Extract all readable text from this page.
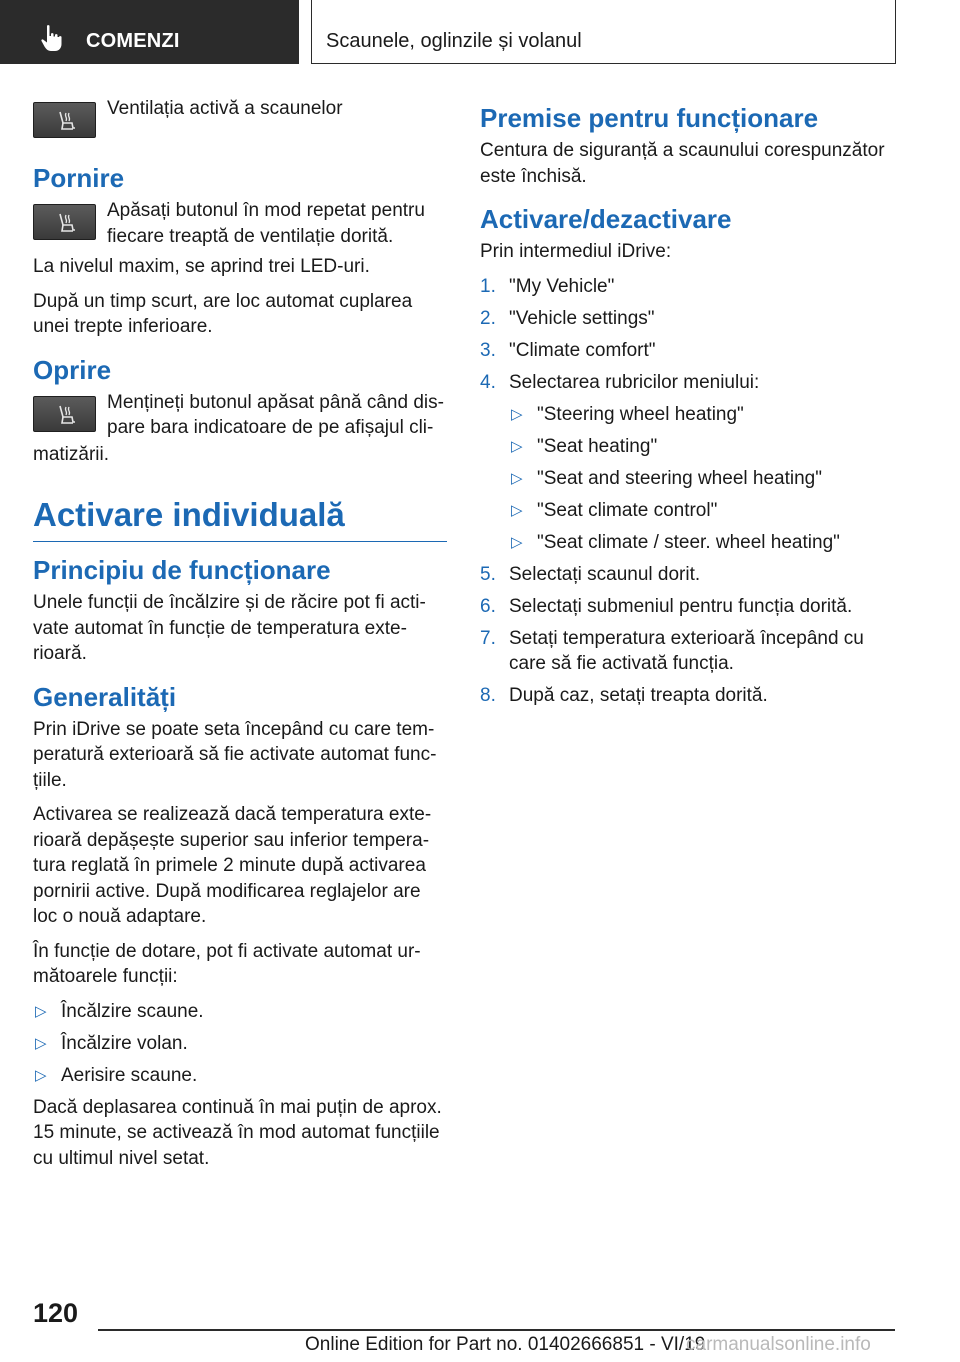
COMENZI	Scaunele, oglinzile și volanul

Ventilația activă a scaunelor

Pornire

Apăsați butonul în mod repetat pentru fiecare treaptă de ventilație dorită.

La nivelul maxim, se aprind trei LED-uri.

După un timp scurt, are loc automat cuplarea unei trepte inferioare.

Oprire

Mențineți butonul apăsat până când dis-

pare bara indicatoare de pe afișajul cli-

matizării.

Activare individuală
Principiu de funcționare

Unele funcții de încălzire și de răcire pot fi activate automat în funcție de temperatura exterioară.

Generalități

Prin iDrive se poate seta începând cu care temperatură exterioară să fie activate automat funcțiile.

Activarea se realizează dacă temperatura exterioară depășește superior sau inferior temperatura reglată în primele 2 minute după activarea pornirii active. După modificarea reglajelor are loc o nouă adaptare.

În funcție de dotare, pot fi activate automat următoarele funcții:

▷ Încălzire scaune.
▷ Încălzire volan.
▷ Aerisire scaune.

Dacă deplasarea continuă în mai puțin de aprox. 15 minute, se activează în mod automat funcțiile cu ultimul nivel setat.

Premise pentru funcționare

Centura de siguranță a scaunului corespunzător este închisă.

Activare/dezactivare

Prin intermediul iDrive:

1. "My Vehicle"
2. "Vehicle settings"
3. "Climate comfort"
4. Selectarea rubricilor meniului:
▷ "Steering wheel heating"
▷ "Seat heating"
▷ "Seat and steering wheel heating"
▷ "Seat climate control"
▷ "Seat climate / steer. wheel heating"
5. Selectați scaunul dorit.
6. Selectați submeniul pentru funcția dorită.
7. Setați temperatura exterioară începând cu care să fie activată funcția.
8. După caz, setați treapta dorită.
120
Online Edition for Part no. 01402666851 - VI/19
carmanualsonline.info
